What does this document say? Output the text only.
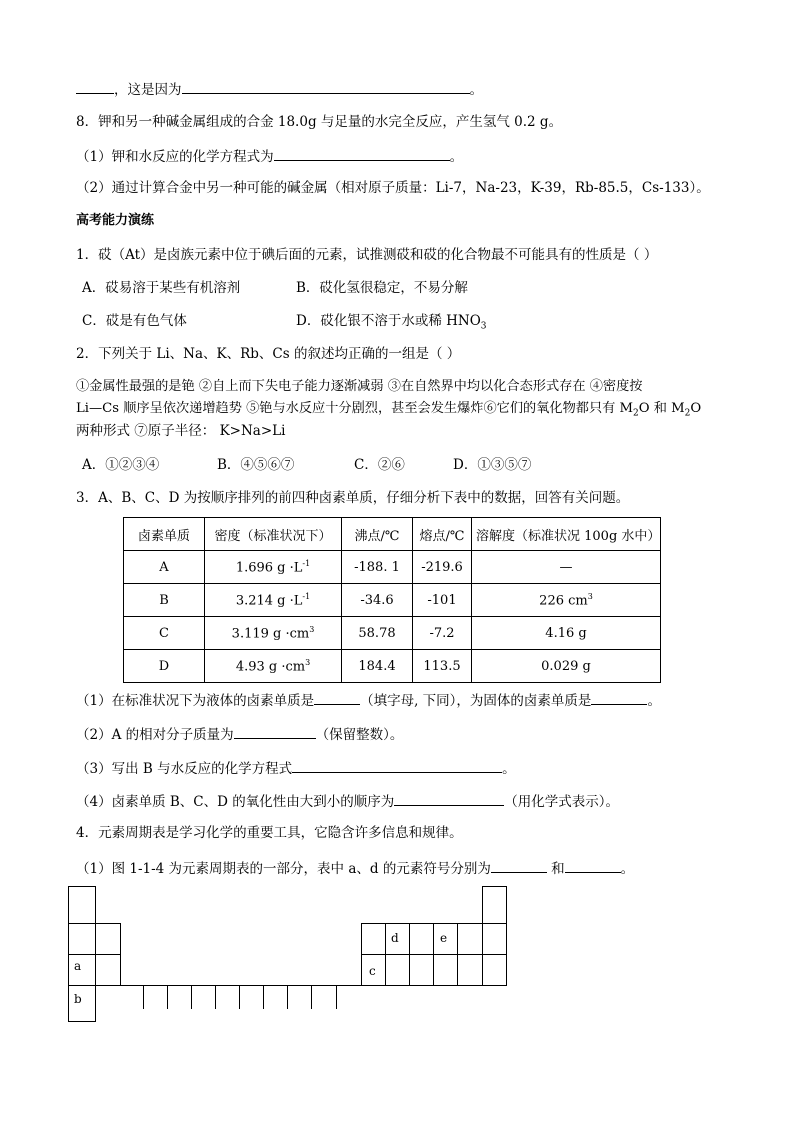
，这是因为	。
8．钾和另一种碱金属组成的合金 18.0g 与足量的水完全反应，产生氢气 0.2 g。
（1）钾和水反应的化学方程式为	。
（2）通过计算合金中另一种可能的碱金属（相对原子质量：Li-7，Na-23，K-39，Rb-85.5，Cs-133）。
高考能力演练
1．砹（At）是卤族元素中位于碘后面的元素，试推测砹和砹的化合物最不可能具有的性质是（ ）
A．砹易溶于某些有机溶剂	B．砹化氢很稳定，不易分解
C．砹是有色气体	D．砹化银不溶于水或稀 $HNO_3$
2．下列关于 Li、Na、K、Rb、Cs 的叙述均正确的一组是（ ）
①金属性最强的是铯 ②自上而下失电子能力逐渐减弱 ③在自然界中均以化合态形式存在 ④密度按
Li—Cs 顺序呈依次递增趋势 ⑤铯与水反应十分剧烈，甚至会发生爆炸⑥它们的氧化物都只有 $M_2O$ 和 $M_2O$
两种形式 ⑦原子半径： K>Na>Li
A．①②③④	B．④⑤⑥⑦	C．②⑥	D．①③⑤⑦
3．A、B、C、D 为按顺序排列的前四种卤素单质，仔细分析下表中的数据，回答有关问题。
卤素单质	密度（标准状况下）	沸点/℃	熔点/℃	溶解度（标准状况 100g 水中）
A	1.696 $g \cdot L^{-1}$	-188. 1	-219.6	—
B	3.214 $g \cdot L^{-1}$	-34.6	-101	226 $cm^3$
C	3.119 $g \cdot cm^3$	58.78	-7.2	4.16 g
D	4.93 $g \cdot cm^3$	184.4	113.5	0.029 g
（1）在标准状况下为液体的卤素单质是	（填字母, 下同），为固体的卤素单质是	。
（2）A 的相对分子质量为	（保留整数）。
（3）写出 B 与水反应的化学方程式	。
（4）卤素单质 B、C、D 的氧化性由大到小的顺序为	（用化学式表示）。
4．元素周期表是学习化学的重要工具，它隐含许多信息和规律。
（1）图 1-1-4 为元素周期表的一部分，表中 a、d 的元素符号分别为	和	。
a
b
d	e
c
